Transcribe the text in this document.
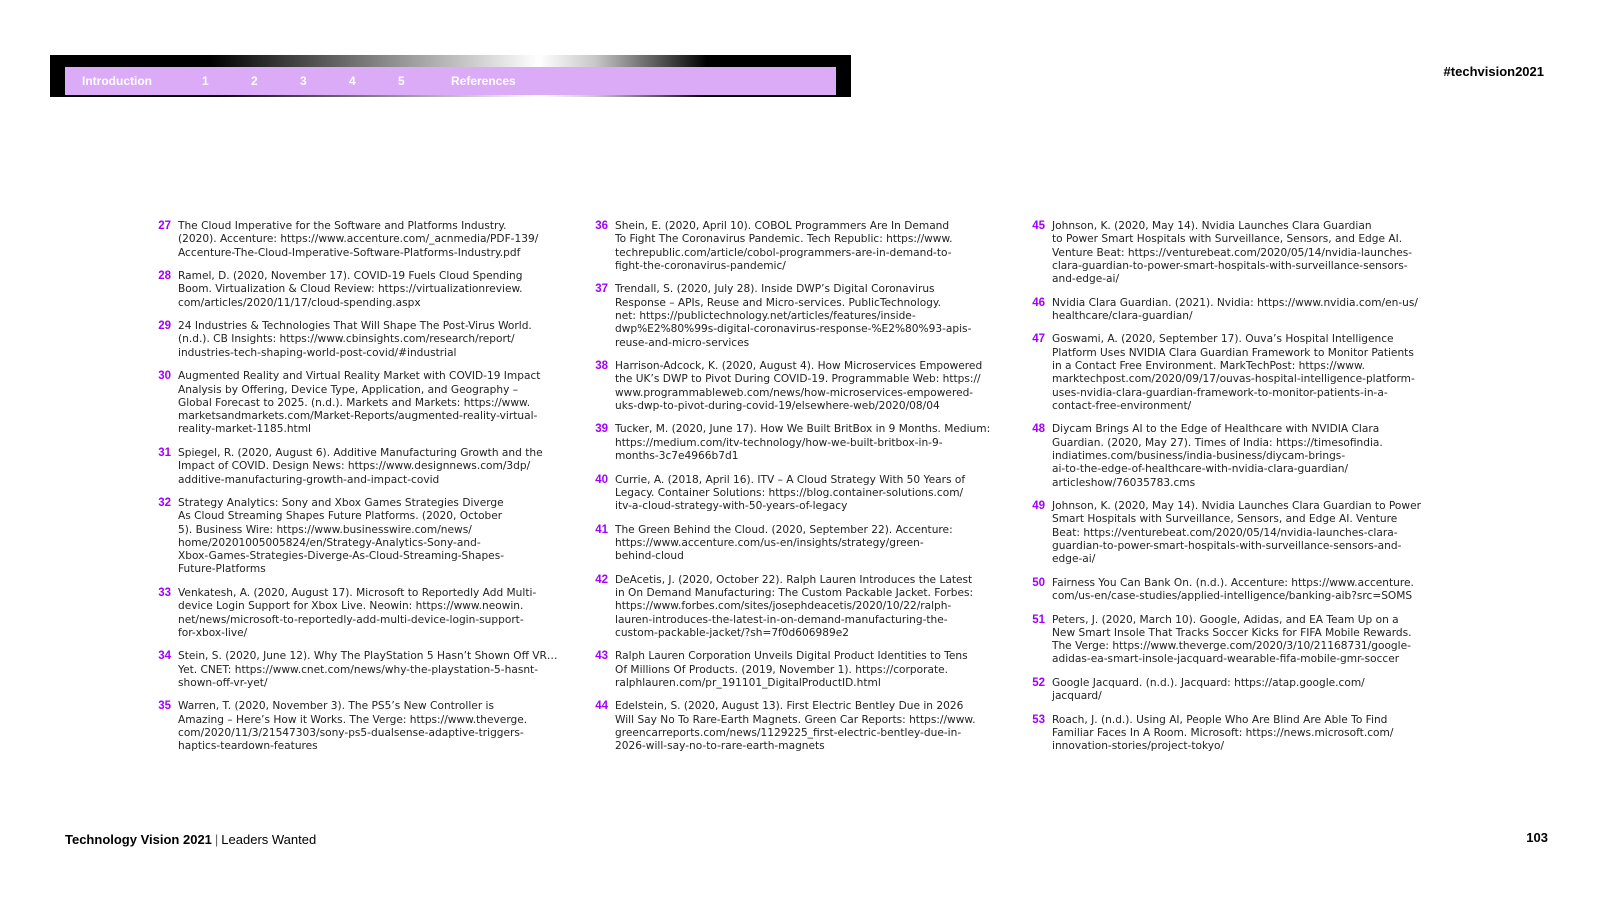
Introduction	1	2	3	4	5	References
#techvision2021
27 The Cloud Imperative for the Software and Platforms Industry.
(2020). Accenture: https://www.accenture.com/_acnmedia/PDF-139/
Accenture-The-Cloud-Imperative-Software-Platforms-Industry.pdf
28 Ramel, D. (2020, November 17). COVID-19 Fuels Cloud Spending
Boom. Virtualization & Cloud Review: https://virtualizationreview.
com/articles/2020/11/17/cloud-spending.aspx
29 24 Industries & Technologies That Will Shape The Post-Virus World.
(n.d.). CB Insights: https://www.cbinsights.com/research/report/
industries-tech-shaping-world-post-covid/#industrial
30 Augmented Reality and Virtual Reality Market with COVID-19 Impact
Analysis by Offering, Device Type, Application, and Geography –
Global Forecast to 2025. (n.d.). Markets and Markets: https://www.
marketsandmarkets.com/Market-Reports/augmented-reality-virtual-
reality-market-1185.html
31 Spiegel, R. (2020, August 6). Additive Manufacturing Growth and the
Impact of COVID. Design News: https://www.designnews.com/3dp/
additive-manufacturing-growth-and-impact-covid
32 Strategy Analytics: Sony and Xbox Games Strategies Diverge
As Cloud Streaming Shapes Future Platforms. (2020, October
5). Business Wire: https://www.businesswire.com/news/
home/20201005005824/en/Strategy-Analytics-Sony-and-
Xbox-Games-Strategies-Diverge-As-Cloud-Streaming-Shapes-
Future-Platforms
33 Venkatesh, A. (2020, August 17). Microsoft to Reportedly Add Multi-
device Login Support for Xbox Live. Neowin: https://www.neowin.
net/news/microsoft-to-reportedly-add-multi-device-login-support-
for-xbox-live/
34 Stein, S. (2020, June 12). Why The PlayStation 5 Hasn’t Shown Off VR…
Yet. CNET: https://www.cnet.com/news/why-the-playstation-5-hasnt-
shown-off-vr-yet/
35 Warren, T. (2020, November 3). The PS5’s New Controller is
Amazing – Here’s How it Works. The Verge: https://www.theverge.
com/2020/11/3/21547303/sony-ps5-dualsense-adaptive-triggers-
haptics-teardown-features
36 Shein, E. (2020, April 10). COBOL Programmers Are In Demand
To Fight The Coronavirus Pandemic. Tech Republic: https://www.
techrepublic.com/article/cobol-programmers-are-in-demand-to-
fight-the-coronavirus-pandemic/
37 Trendall, S. (2020, July 28). Inside DWP’s Digital Coronavirus
Response – APIs, Reuse and Micro-services. PublicTechnology.
net: https://publictechnology.net/articles/features/inside-
dwp%E2%80%99s-digital-coronavirus-response-%E2%80%93-apis-
reuse-and-micro-services
38 Harrison-Adcock, K. (2020, August 4). How Microservices Empowered
the UK’s DWP to Pivot During COVID-19. Programmable Web: https://
www.programmableweb.com/news/how-microservices-empowered-
uks-dwp-to-pivot-during-covid-19/elsewhere-web/2020/08/04
39 Tucker, M. (2020, June 17). How We Built BritBox in 9 Months. Medium:
https://medium.com/itv-technology/how-we-built-britbox-in-9-
months-3c7e4966b7d1
40 Currie, A. (2018, April 16). ITV – A Cloud Strategy With 50 Years of
Legacy. Container Solutions: https://blog.container-solutions.com/
itv-a-cloud-strategy-with-50-years-of-legacy
41 The Green Behind the Cloud. (2020, September 22). Accenture:
https://www.accenture.com/us-en/insights/strategy/green-
behind-cloud
42 DeAcetis, J. (2020, October 22). Ralph Lauren Introduces the Latest
in On Demand Manufacturing: The Custom Packable Jacket. Forbes:
https://www.forbes.com/sites/josephdeacetis/2020/10/22/ralph-
lauren-introduces-the-latest-in-on-demand-manufacturing-the-
custom-packable-jacket/?sh=7f0d606989e2
43 Ralph Lauren Corporation Unveils Digital Product Identities to Tens
Of Millions Of Products. (2019, November 1). https://corporate.
ralphlauren.com/pr_191101_DigitalProductID.html
44 Edelstein, S. (2020, August 13). First Electric Bentley Due in 2026
Will Say No To Rare-Earth Magnets. Green Car Reports: https://www.
greencarreports.com/news/1129225_first-electric-bentley-due-in-
2026-will-say-no-to-rare-earth-magnets
45 Johnson, K. (2020, May 14). Nvidia Launches Clara Guardian
to Power Smart Hospitals with Surveillance, Sensors, and Edge AI.
Venture Beat: https://venturebeat.com/2020/05/14/nvidia-launches-
clara-guardian-to-power-smart-hospitals-with-surveillance-sensors-
and-edge-ai/
46 Nvidia Clara Guardian. (2021). Nvidia: https://www.nvidia.com/en-us/
healthcare/clara-guardian/
47 Goswami, A. (2020, September 17). Ouva’s Hospital Intelligence
Platform Uses NVIDIA Clara Guardian Framework to Monitor Patients
in a Contact Free Environment. MarkTechPost: https://www.
marktechpost.com/2020/09/17/ouvas-hospital-intelligence-platform-
uses-nvidia-clara-guardian-framework-to-monitor-patients-in-a-
contact-free-environment/
48 Diycam Brings AI to the Edge of Healthcare with NVIDIA Clara
Guardian. (2020, May 27). Times of India: https://timesofindia.
indiatimes.com/business/india-business/diycam-brings-
ai-to-the-edge-of-healthcare-with-nvidia-clara-guardian/
articleshow/76035783.cms
49 Johnson, K. (2020, May 14). Nvidia Launches Clara Guardian to Power
Smart Hospitals with Surveillance, Sensors, and Edge AI. Venture
Beat: https://venturebeat.com/2020/05/14/nvidia-launches-clara-
guardian-to-power-smart-hospitals-with-surveillance-sensors-and-
edge-ai/
50 Fairness You Can Bank On. (n.d.). Accenture: https://www.accenture.
com/us-en/case-studies/applied-intelligence/banking-aib?src=SOMS
51 Peters, J. (2020, March 10). Google, Adidas, and EA Team Up on a
New Smart Insole That Tracks Soccer Kicks for FIFA Mobile Rewards.
The Verge: https://www.theverge.com/2020/3/10/21168731/google-
adidas-ea-smart-insole-jacquard-wearable-fifa-mobile-gmr-soccer
52 Google Jacquard. (n.d.). Jacquard: https://atap.google.com/
jacquard/
53 Roach, J. (n.d.). Using AI, People Who Are Blind Are Able To Find
Familiar Faces In A Room. Microsoft: https://news.microsoft.com/
innovation-stories/project-tokyo/
Technology Vision 2021 | Leaders Wanted	103
